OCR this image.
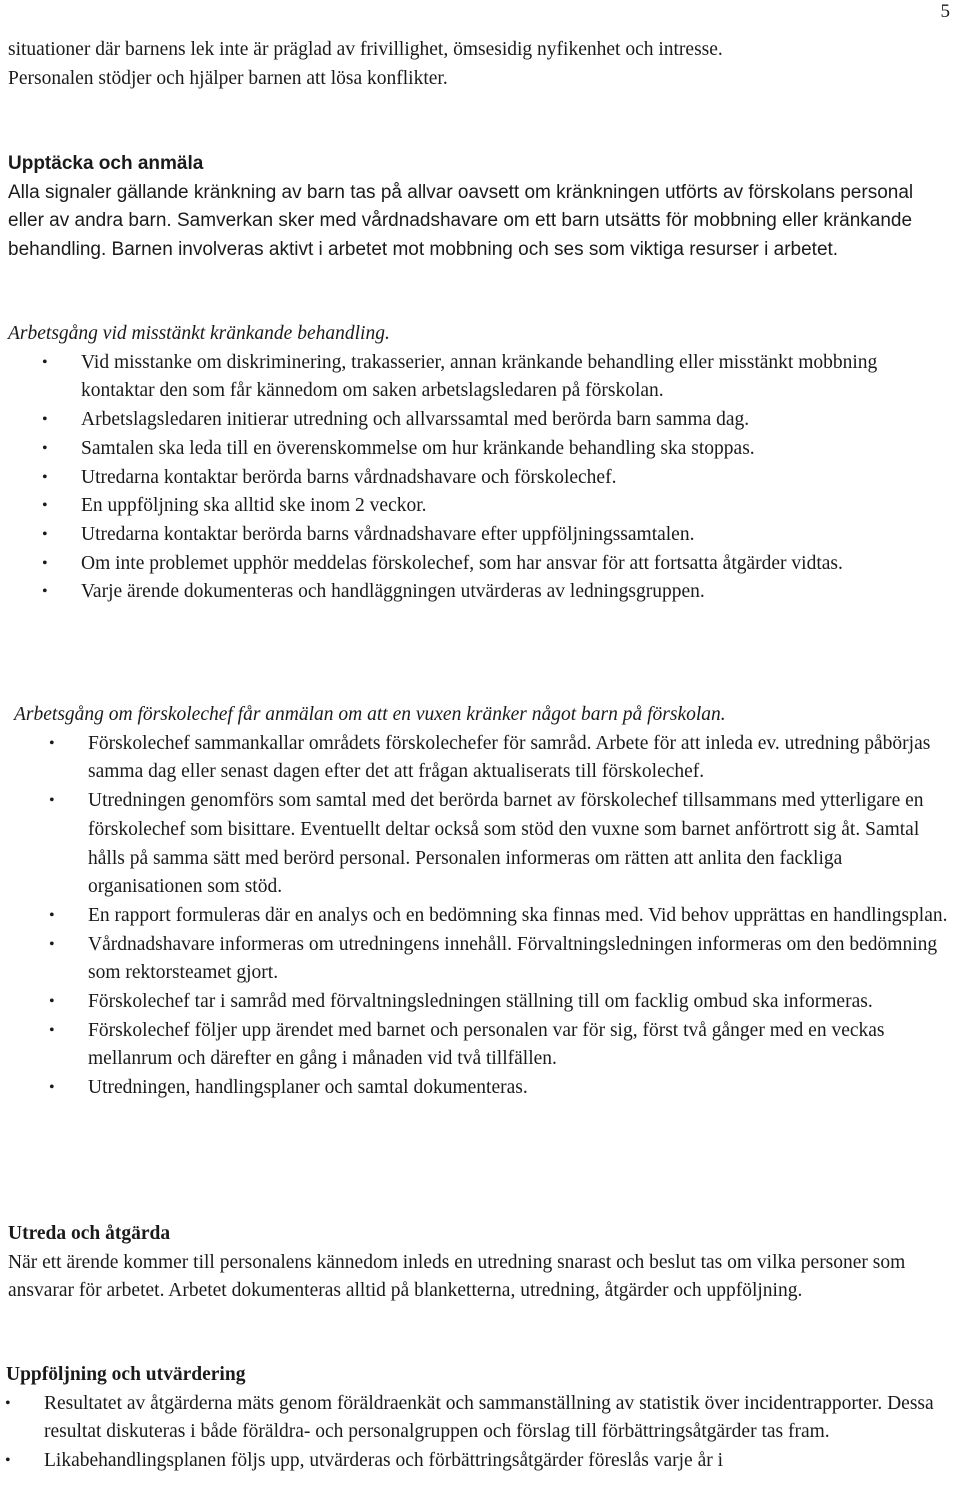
5

situationer där barnens lek inte är präglad av frivillighet, ömsesidig nyfikenhet och intresse.

Personalen stödjer och hjälper barnen att lösa konflikter.

Upptäcka och anmäla

Alla signaler gällande kränkning av barn tas på allvar oavsett om kränkningen utförts av förskolans personal eller av andra barn. Samverkan sker med vårdnadshavare om ett barn utsätts för mobbning eller kränkande behandling. Barnen involveras aktivt i arbetet mot mobbning och ses som viktiga resurser i arbetet.

Arbetsgång vid misstänkt kränkande behandling.
• Vid misstanke om diskriminering, trakasserier, annan kränkande behandling eller misstänkt mobbning kontaktar den som får kännedom om saken arbetslagsledaren på förskolan.
• Arbetslagsledaren initierar utredning och allvarssamtal med berörda barn samma dag.
• Samtalen ska leda till en överenskommelse om hur kränkande behandling ska stoppas.
• Utredarna kontaktar berörda barns vårdnadshavare och förskolechef.
• En uppföljning ska alltid ske inom 2 veckor.
• Utredarna kontaktar berörda barns vårdnadshavare efter uppföljningssamtalen.
• Om inte problemet upphör meddelas förskolechef, som har ansvar för att fortsatta åtgärder vidtas.
• Varje ärende dokumenteras och handläggningen utvärderas av ledningsgruppen.
Arbetsgång om förskolechef får anmälan om att en vuxen kränker något barn på förskolan.
• Förskolechef sammankallar områdets förskolechefer för samråd. Arbete för att inleda ev. utredning påbörjas samma dag eller senast dagen efter det att frågan aktualiserats till förskolechef.
• Utredningen genomförs som samtal med det berörda barnet av förskolechef tillsammans med ytterligare en förskolechef som bisittare. Eventuellt deltar också som stöd den vuxne som barnet anförtrott sig åt. Samtal hålls på samma sätt med berörd personal. Personalen informeras om rätten att anlita den fackliga organisationen som stöd.
• En rapport formuleras där en analys och en bedömning ska finnas med. Vid behov upprättas en handlingsplan.
• Vårdnadshavare informeras om utredningens innehåll. Förvaltningsledningen informeras om den bedömning som rektorsteamet gjort.
• Förskolechef tar i samråd med förvaltningsledningen ställning till om facklig ombud ska informeras.
• Förskolechef följer upp ärendet med barnet och personalen var för sig, först två gånger med en veckas mellanrum och därefter en gång i månaden vid två tillfällen.
• Utredningen, handlingsplaner och samtal dokumenteras.
Utreda och åtgärda

När ett ärende kommer till personalens kännedom inleds en utredning snarast och beslut tas om vilka personer som ansvarar för arbetet. Arbetet dokumenteras alltid på blanketterna, utredning, åtgärder och uppföljning.

Uppföljning och utvärdering
• Resultatet av åtgärderna mäts genom föräldraenkät och sammanställning av statistik över incidentrapporter. Dessa resultat diskuteras i både föräldra- och personalgruppen och förslag till förbättringsåtgärder tas fram.
• Likabehandlingsplanen följs upp, utvärderas och förbättringsåtgärder föreslås varje år i
